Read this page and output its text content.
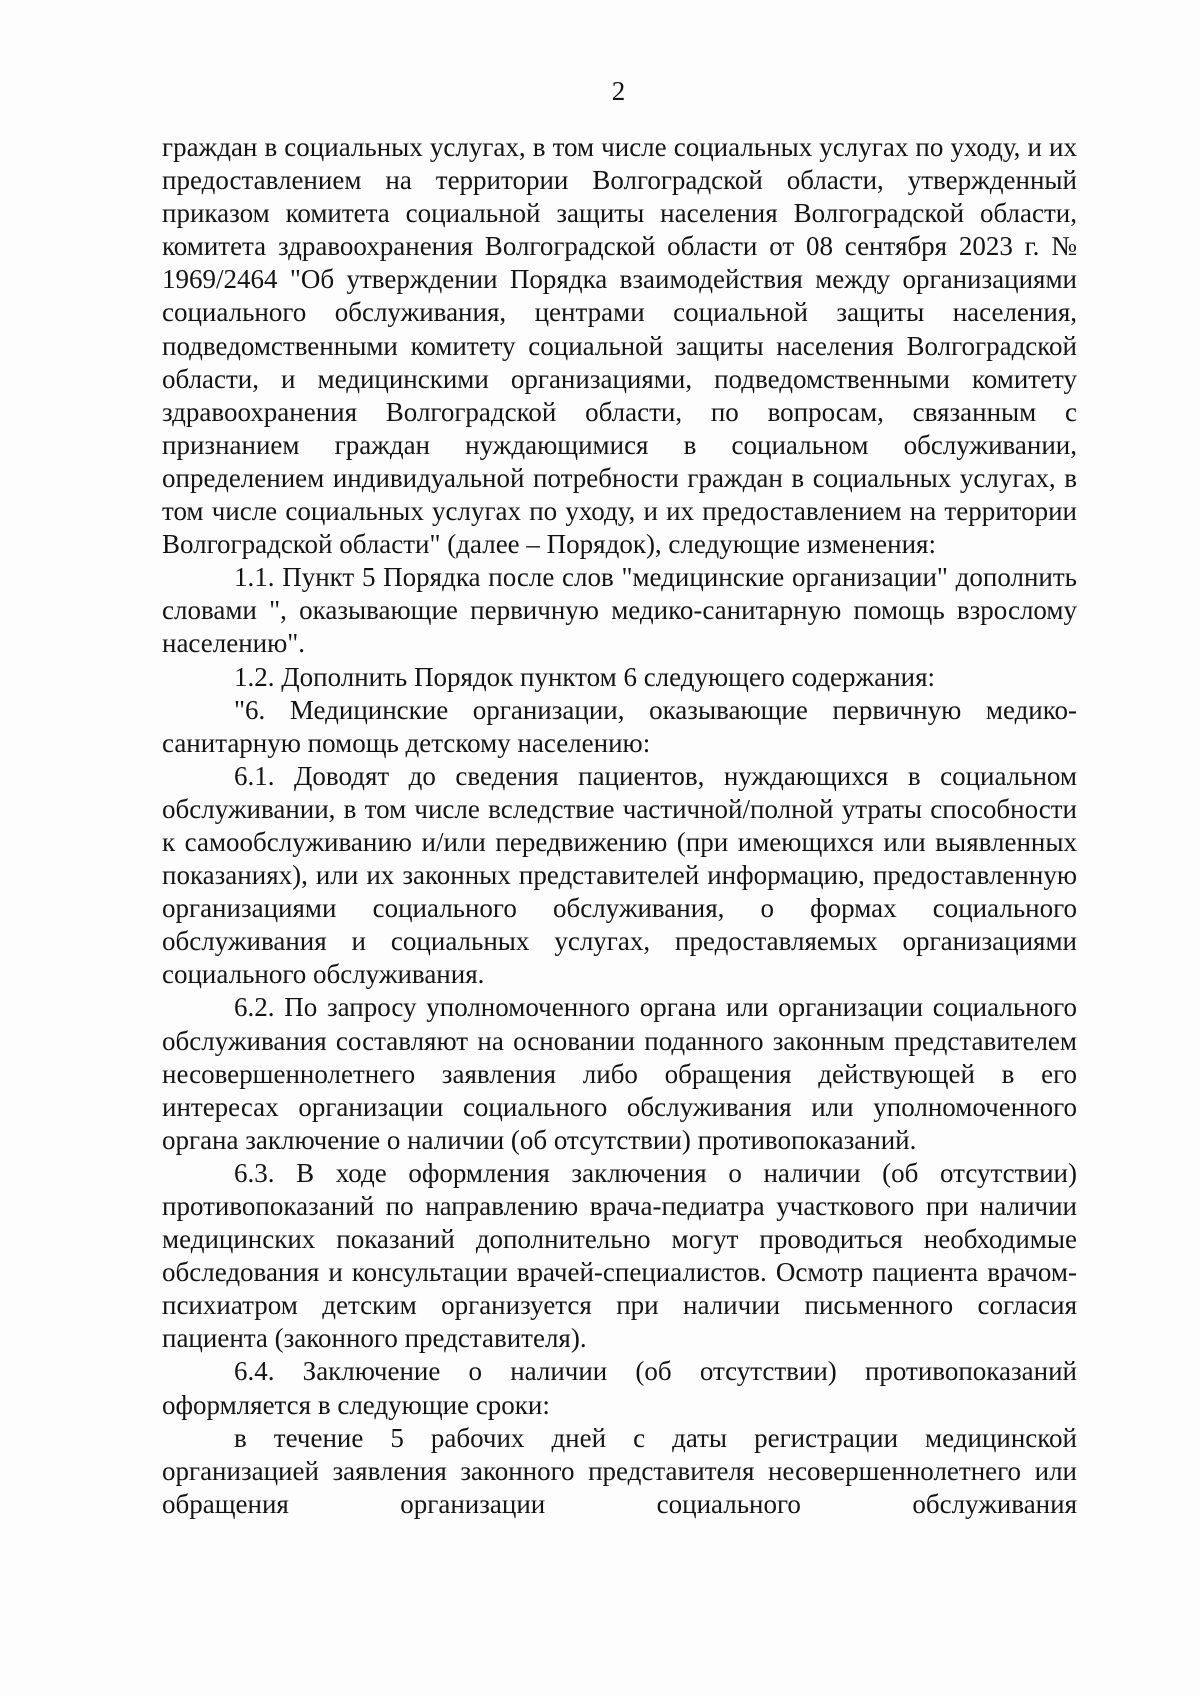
2

граждан в социальных услугах, в том числе социальных услугах по уходу, и их предоставлением на территории Волгоградской области, утвержденный приказом комитета социальной защиты населения Волгоградской области, комитета здравоохранения Волгоградской области от 08 сентября 2023 г. № 1969/2464 "Об утверждении Порядка взаимодействия между организациями социального обслуживания, центрами социальной защиты населения, подведомственными комитету социальной защиты населения Волгоградской области, и медицинскими организациями, подведомственными комитету здравоохранения Волгоградской области, по вопросам, связанным с признанием граждан нуждающимися в социальном обслуживании, определением индивидуальной потребности граждан в социальных услугах, в том числе социальных услугах по уходу, и их предоставлением на территории Волгоградской области" (далее – Порядок), следующие изменения:

1.1. Пункт 5 Порядка после слов "медицинские организации" дополнить словами ", оказывающие первичную медико-санитарную помощь взрослому населению".

1.2. Дополнить Порядок пунктом 6 следующего содержания:

"6. Медицинские организации, оказывающие первичную медико-санитарную помощь детскому населению:

6.1. Доводят до сведения пациентов, нуждающихся в социальном обслуживании, в том числе вследствие частичной/полной утраты способности к самообслуживанию и/или передвижению (при имеющихся или выявленных показаниях), или их законных представителей информацию, предоставленную организациями социального обслуживания, о формах социального обслуживания и социальных услугах, предоставляемых организациями социального обслуживания.

6.2. По запросу уполномоченного органа или организации социального обслуживания составляют на основании поданного законным представителем несовершеннолетнего заявления либо обращения действующей в его интересах организации социального обслуживания или уполномоченного органа заключение о наличии (об отсутствии) противопоказаний.

6.3. В ходе оформления заключения о наличии (об отсутствии) противопоказаний по направлению врача-педиатра участкового при наличии медицинских показаний дополнительно могут проводиться необходимые обследования и консультации врачей-специалистов. Осмотр пациента врачом-психиатром детским организуется при наличии письменного согласия пациента (законного представителя).

6.4. Заключение о наличии (об отсутствии) противопоказаний оформляется в следующие сроки:

в течение 5 рабочих дней с даты регистрации медицинской организацией заявления законного представителя несовершеннолетнего или обращения организации социального обслуживания
